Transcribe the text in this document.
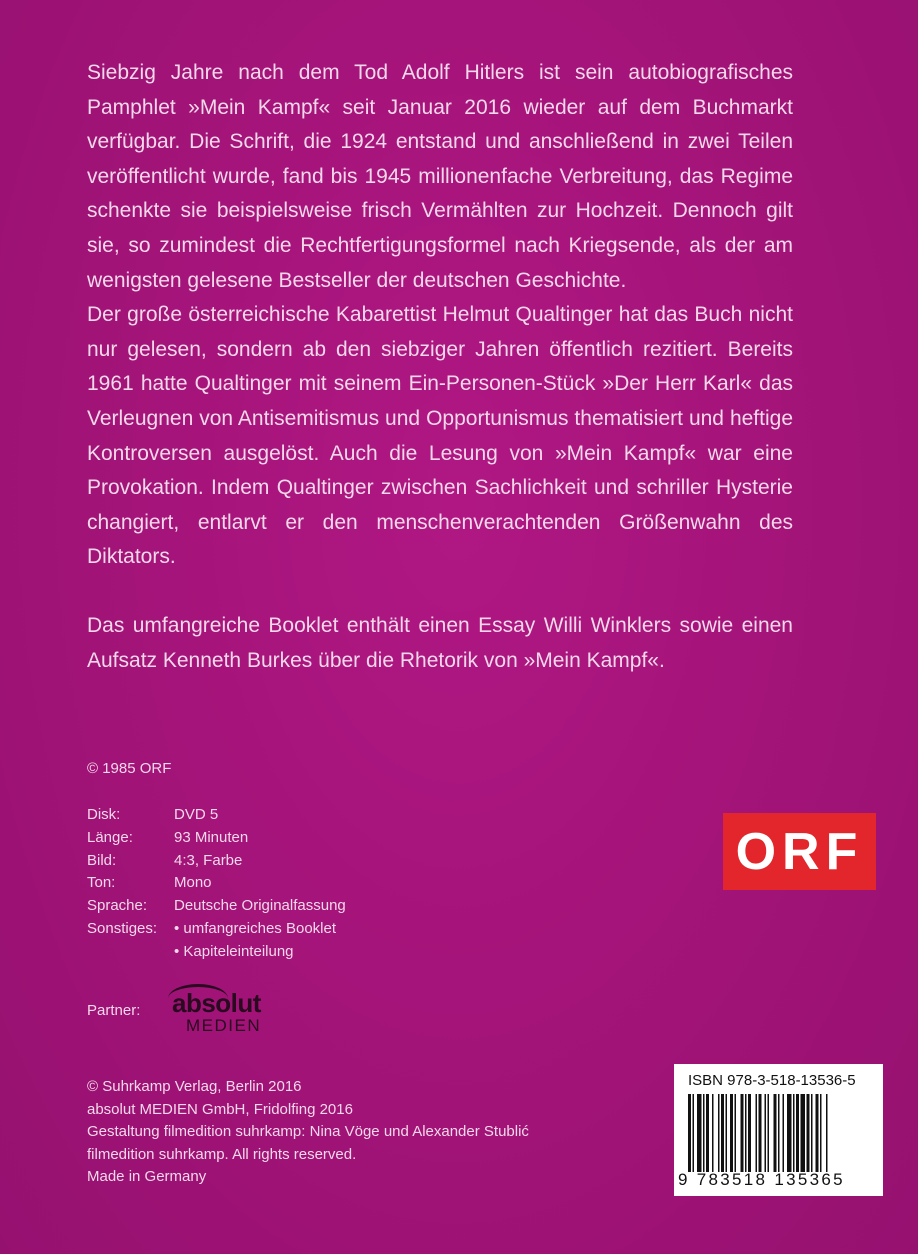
Siebzig Jahre nach dem Tod Adolf Hitlers ist sein autobiografisches Pamphlet »Mein Kampf« seit Januar 2016 wieder auf dem Buchmarkt verfügbar. Die Schrift, die 1924 entstand und anschließend in zwei Teilen veröffentlicht wurde, fand bis 1945 millionenfache Verbreitung, das Regime schenkte sie beispielsweise frisch Vermählten zur Hochzeit. Dennoch gilt sie, so zumindest die Rechtfertigungsformel nach Kriegsende, als der am wenigsten gelesene Bestseller der deutschen Geschichte.

Der große österreichische Kabarettist Helmut Qualtinger hat das Buch nicht nur gelesen, sondern ab den siebziger Jahren öffentlich rezitiert. Bereits 1961 hatte Qualtinger mit seinem Ein-Personen-Stück »Der Herr Karl« das Verleugnen von Antisemitismus und Opportunismus thematisiert und heftige Kontroversen ausgelöst. Auch die Lesung von »Mein Kampf« war eine Provokation. Indem Qualtinger zwischen Sachlichkeit und schriller Hysterie changiert, entlarvt er den menschenverachtenden Größenwahn des Diktators.

Das umfangreiche Booklet enthält einen Essay Willi Winklers sowie einen Aufsatz Kenneth Burkes über die Rhetorik von »Mein Kampf«.

© 1985 ORF
Disk:	DVD 5
Länge:	93 Minuten
Bild:	4:3, Farbe
Ton:	Mono
Sprache:	Deutsche Originalfassung
Sonstiges:
•	umfangreiches Booklet
• Kapiteleinteilung
ORF
Partner: absolut
MEDIEN
© Suhrkamp Verlag, Berlin 2016
absolut MEDIEN GmbH, Fridolfing 2016
Gestaltung filmedition suhrkamp: Nina Vöge und Alexander Stublić
filmedition suhrkamp. All rights reserved.
Made in Germany
ISBN 978-3-518-13536-5
9 783518 135365
